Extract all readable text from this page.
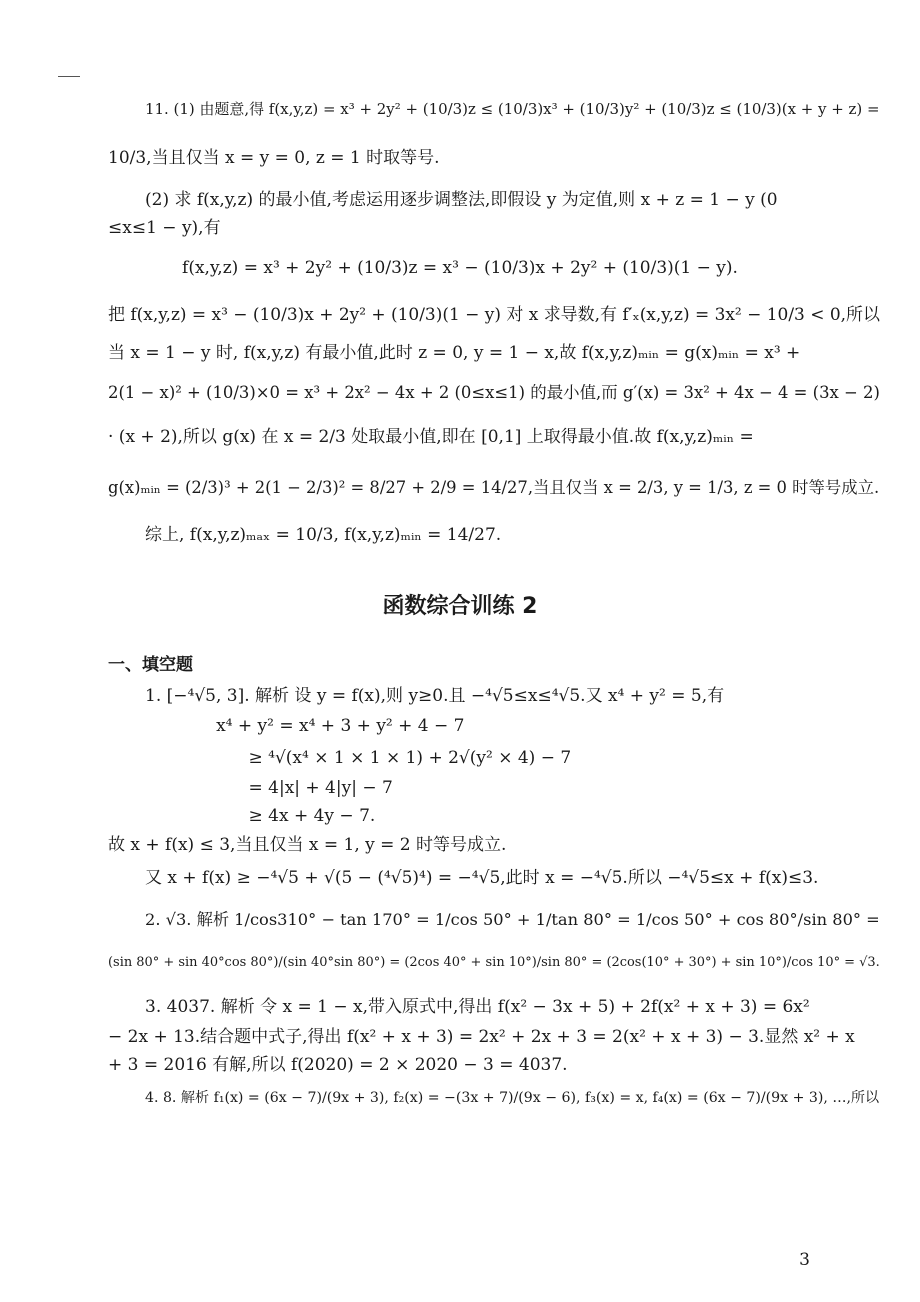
11. (1) 由题意,得 f(x,y,z) = x³ + 2y² + (10/3)z ≤ (10/3)x³ + (10/3)y² + (10/3)z ≤ (10/3)(x + y + z) =
10/3,当且仅当 x = y = 0, z = 1 时取等号.
(2) 求 f(x,y,z) 的最小值,考虑运用逐步调整法,即假设 y 为定值,则 x + z = 1 − y (0
≤x≤1 − y),有
f(x,y,z) = x³ + 2y² + (10/3)z = x³ − (10/3)x + 2y² + (10/3)(1 − y).
把 f(x,y,z) = x³ − (10/3)x + 2y² + (10/3)(1 − y) 对 x 求导数,有 f′ₓ(x,y,z) = 3x² − 10/3 < 0,所以
当 x = 1 − y 时, f(x,y,z) 有最小值,此时 z = 0, y = 1 − x,故 f(x,y,z)ₘᵢₙ = g(x)ₘᵢₙ = x³ +
2(1 − x)² + (10/3)×0 = x³ + 2x² − 4x + 2 (0≤x≤1) 的最小值,而 g′(x) = 3x² + 4x − 4 = (3x − 2)
· (x + 2),所以 g(x) 在 x = 2/3 处取最小值,即在 [0,1] 上取得最小值.故 f(x,y,z)ₘᵢₙ =
g(x)ₘᵢₙ = (2/3)³ + 2(1 − 2/3)² = 8/27 + 2/9 = 14/27,当且仅当 x = 2/3, y = 1/3, z = 0 时等号成立.
综上, f(x,y,z)ₘₐₓ = 10/3, f(x,y,z)ₘᵢₙ = 14/27.
函数综合训练 2
一、填空题
1. [−⁴√5, 3]. 解析 设 y = f(x),则 y≥0.且 −⁴√5≤x≤⁴√5.又 x⁴ + y² = 5,有
x⁴ + y² = x⁴ + 3 + y² + 4 − 7
≥ ⁴√(x⁴ × 1 × 1 × 1) + 2√(y² × 4) − 7
= 4|x| + 4|y| − 7
≥ 4x + 4y − 7.
故 x + f(x) ≤ 3,当且仅当 x = 1, y = 2 时等号成立.
又 x + f(x) ≥ −⁴√5 + √(5 − (⁴√5)⁴) = −⁴√5,此时 x = −⁴√5.所以 −⁴√5≤x + f(x)≤3.
2. √3. 解析 1/cos310° − tan 170° = 1/cos 50° + 1/tan 80° = 1/cos 50° + cos 80°/sin 80° =
(sin 80° + sin 40°cos 80°)/(sin 40°sin 80°) = (2cos 40° + sin 10°)/sin 80° = (2cos(10° + 30°) + sin 10°)/cos 10° = √3.
3. 4037. 解析 令 x = 1 − x,带入原式中,得出 f(x² − 3x + 5) + 2f(x² + x + 3) = 6x²
− 2x + 13.结合题中式子,得出 f(x² + x + 3) = 2x² + 2x + 3 = 2(x² + x + 3) − 3.显然 x² + x
+ 3 = 2016 有解,所以 f(2020) = 2 × 2020 − 3 = 4037.
4. 8. 解析 f₁(x) = (6x − 7)/(9x + 3), f₂(x) = −(3x + 7)/(9x − 6), f₃(x) = x, f₄(x) = (6x − 7)/(9x + 3), …,所以
3
